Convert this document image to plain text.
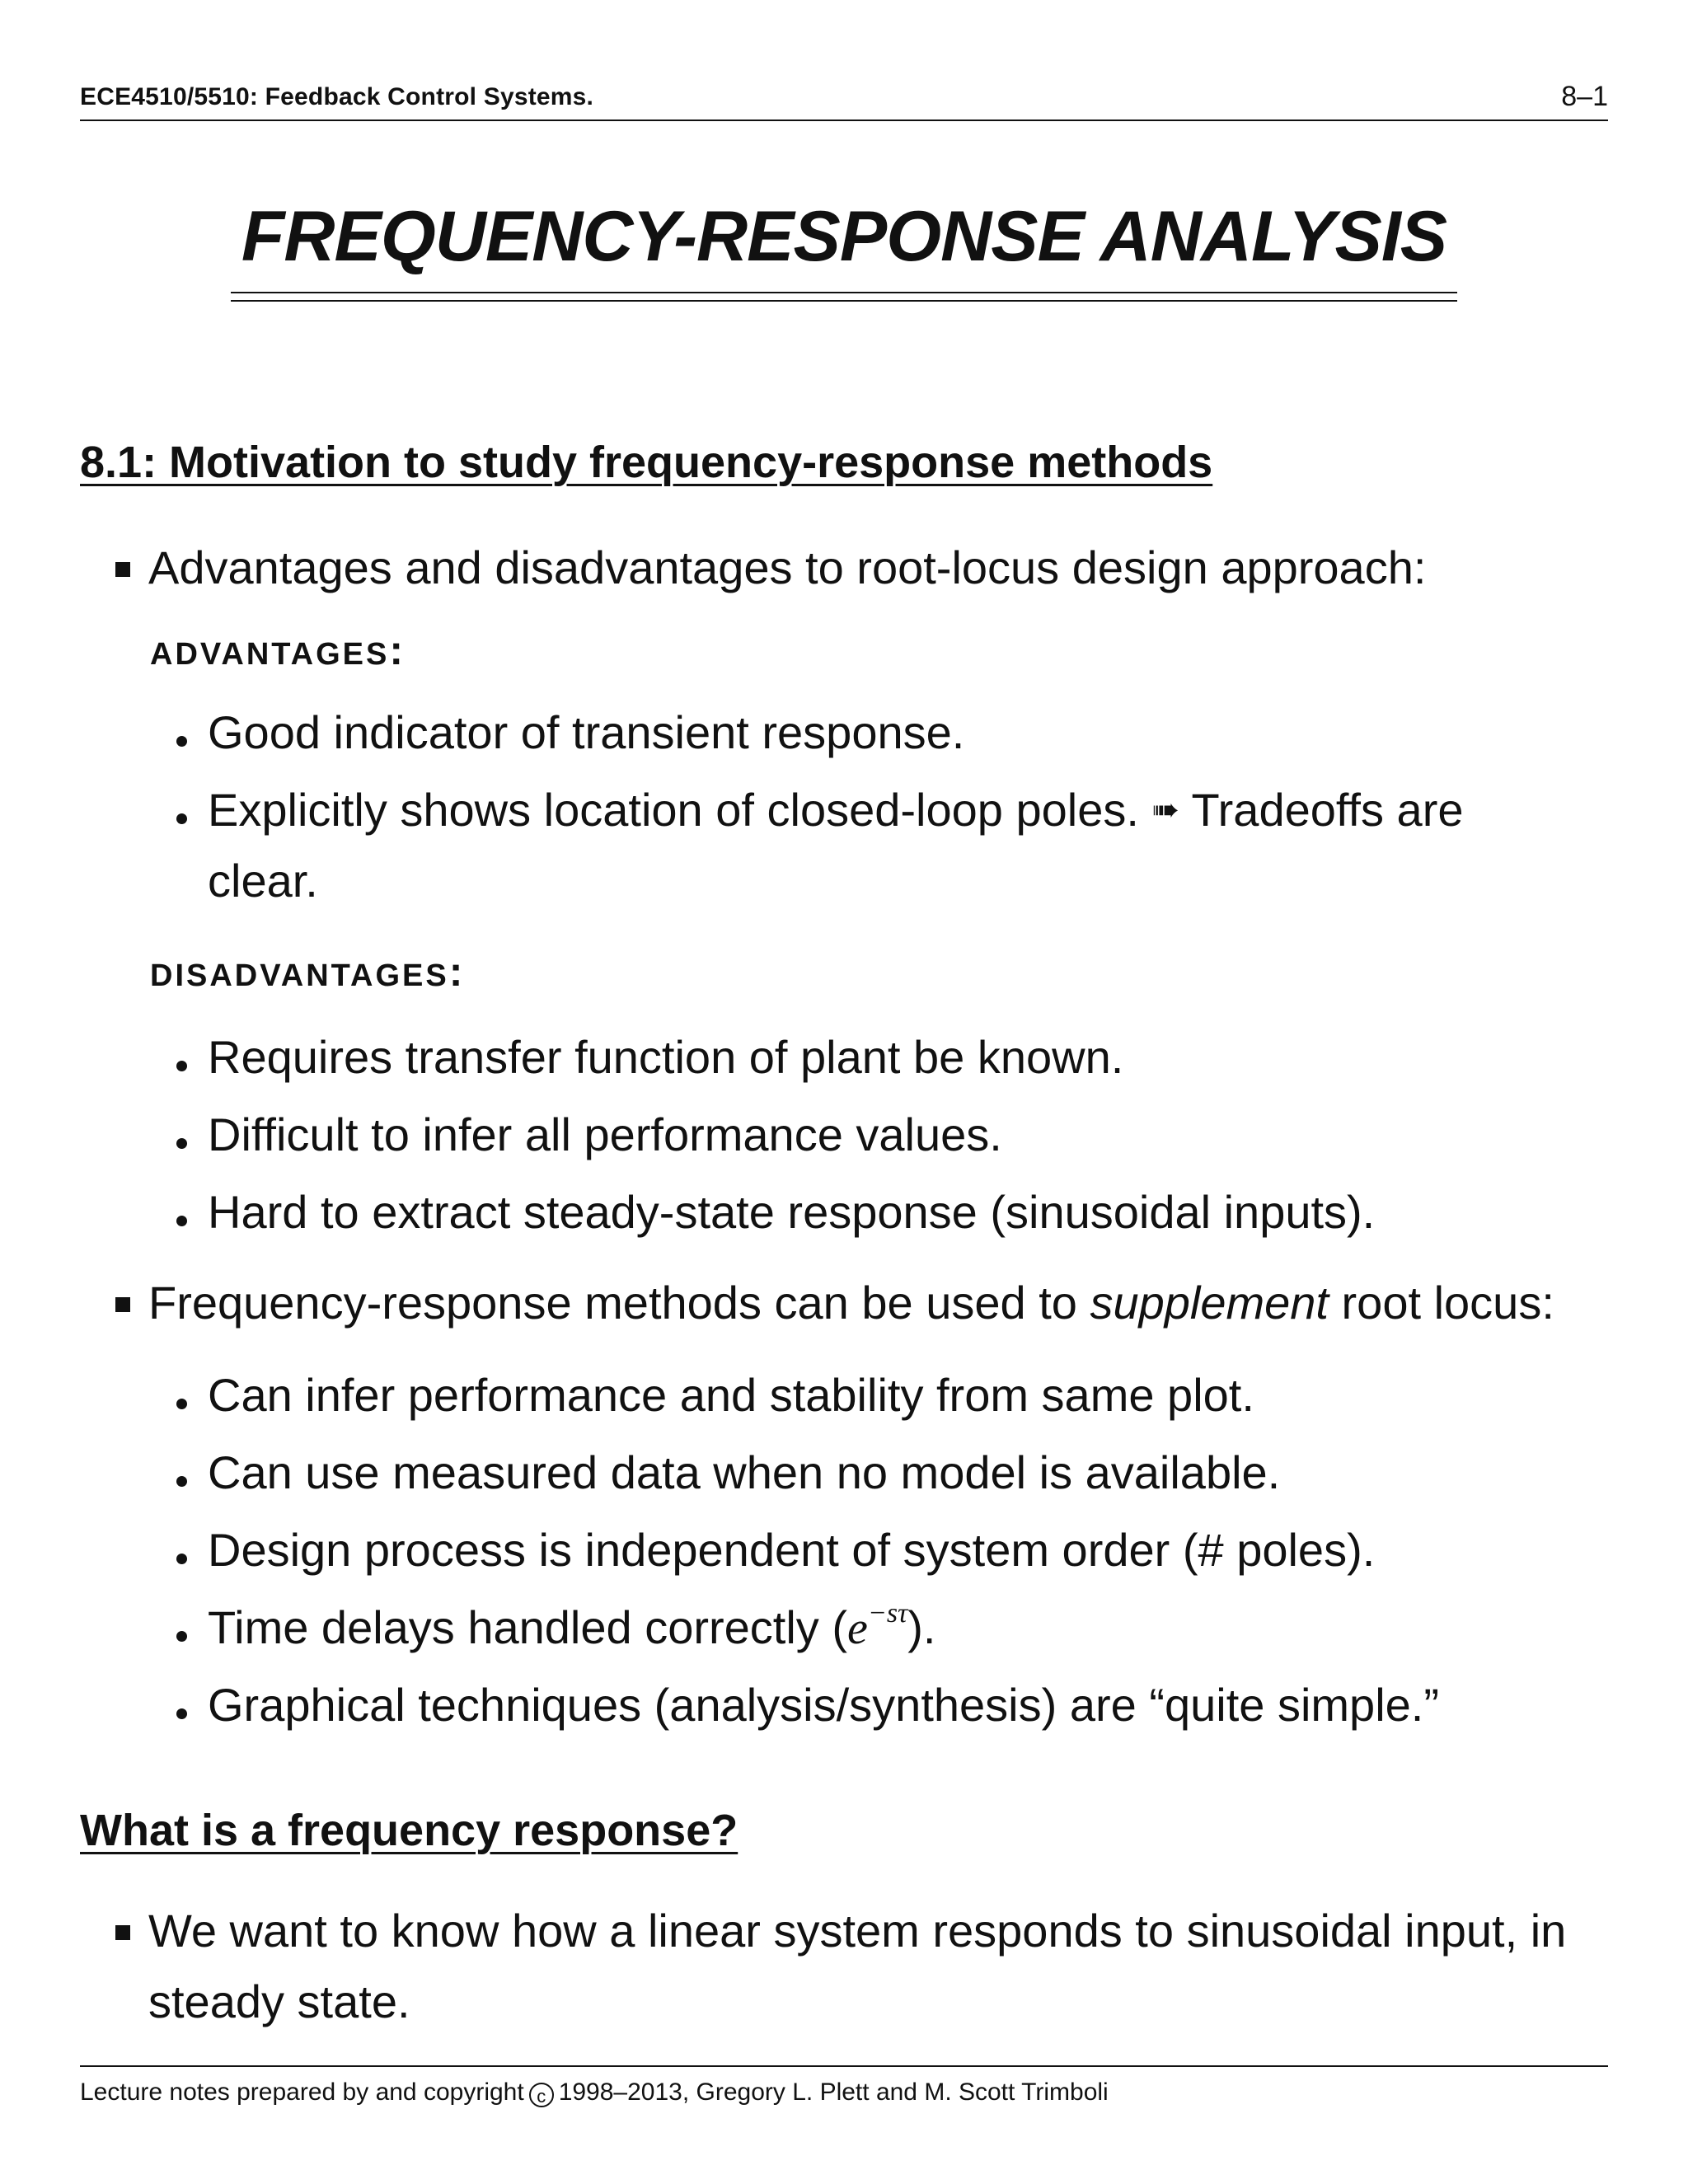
ECE4510/5510: Feedback Control Systems.	8–1
FREQUENCY-RESPONSE ANALYSIS
8.1: Motivation to study frequency-response methods
Advantages and disadvantages to root-locus design approach:
ADVANTAGES:
Good indicator of transient response.
Explicitly shows location of closed-loop poles. ➠ Tradeoffs are
clear.
DISADVANTAGES:
Requires transfer function of plant be known.
Difficult to infer all performance values.
Hard to extract steady-state response (sinusoidal inputs).
Frequency-response methods can be used to supplement root locus:
Can infer performance and stability from same plot.
Can use measured data when no model is available.
Design process is independent of system order (# poles).
Time delays handled correctly $(e^{-s\tau})$.
Graphical techniques (analysis/synthesis) are “quite simple.”
What is a frequency response?
We want to know how a linear system responds to sinusoidal input, in
steady state.
Lecture notes prepared by and copyright c 1998–2013, Gregory L. Plett and M. Scott Trimboli
